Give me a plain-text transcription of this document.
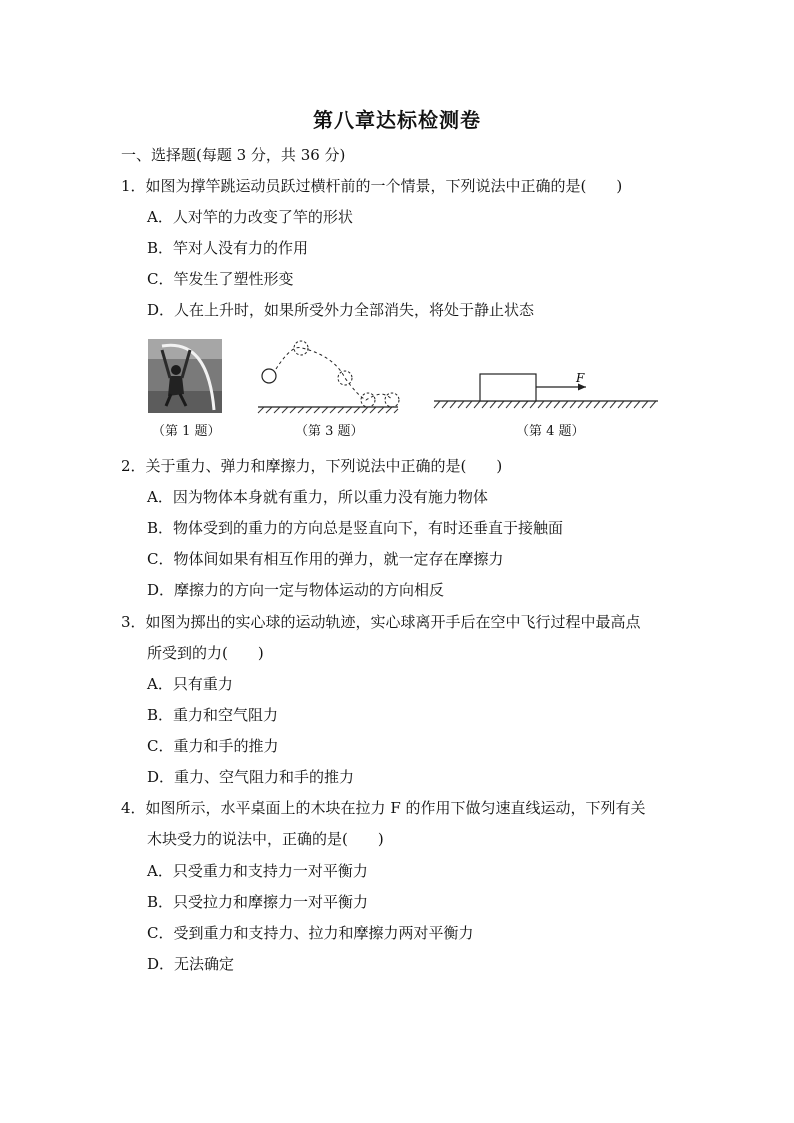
第八章达标检测卷
一、选择题(每题 3 分，共 36 分)
1．如图为撑竿跳运动员跃过横杆前的一个情景，下列说法中正确的是(　　)
A．人对竿的力改变了竿的形状
B．竿对人没有力的作用
C．竿发生了塑性形变
D．人在上升时，如果所受外力全部消失，将处于静止状态
F
（第 1 题）	（第 3 题）	（第 4 题）
2．关于重力、弹力和摩擦力，下列说法中正确的是(　　)
A．因为物体本身就有重力，所以重力没有施力物体
B．物体受到的重力的方向总是竖直向下，有时还垂直于接触面
C．物体间如果有相互作用的弹力，就一定存在摩擦力
D．摩擦力的方向一定与物体运动的方向相反
3．如图为掷出的实心球的运动轨迹，实心球离开手后在空中飞行过程中最高点
所受到的力(　　)
A．只有重力
B．重力和空气阻力
C．重力和手的推力
D．重力、空气阻力和手的推力
4．如图所示，水平桌面上的木块在拉力 F 的作用下做匀速直线运动，下列有关
木块受力的说法中，正确的是(　　)
A．只受重力和支持力一对平衡力
B．只受拉力和摩擦力一对平衡力
C．受到重力和支持力、拉力和摩擦力两对平衡力
D．无法确定
